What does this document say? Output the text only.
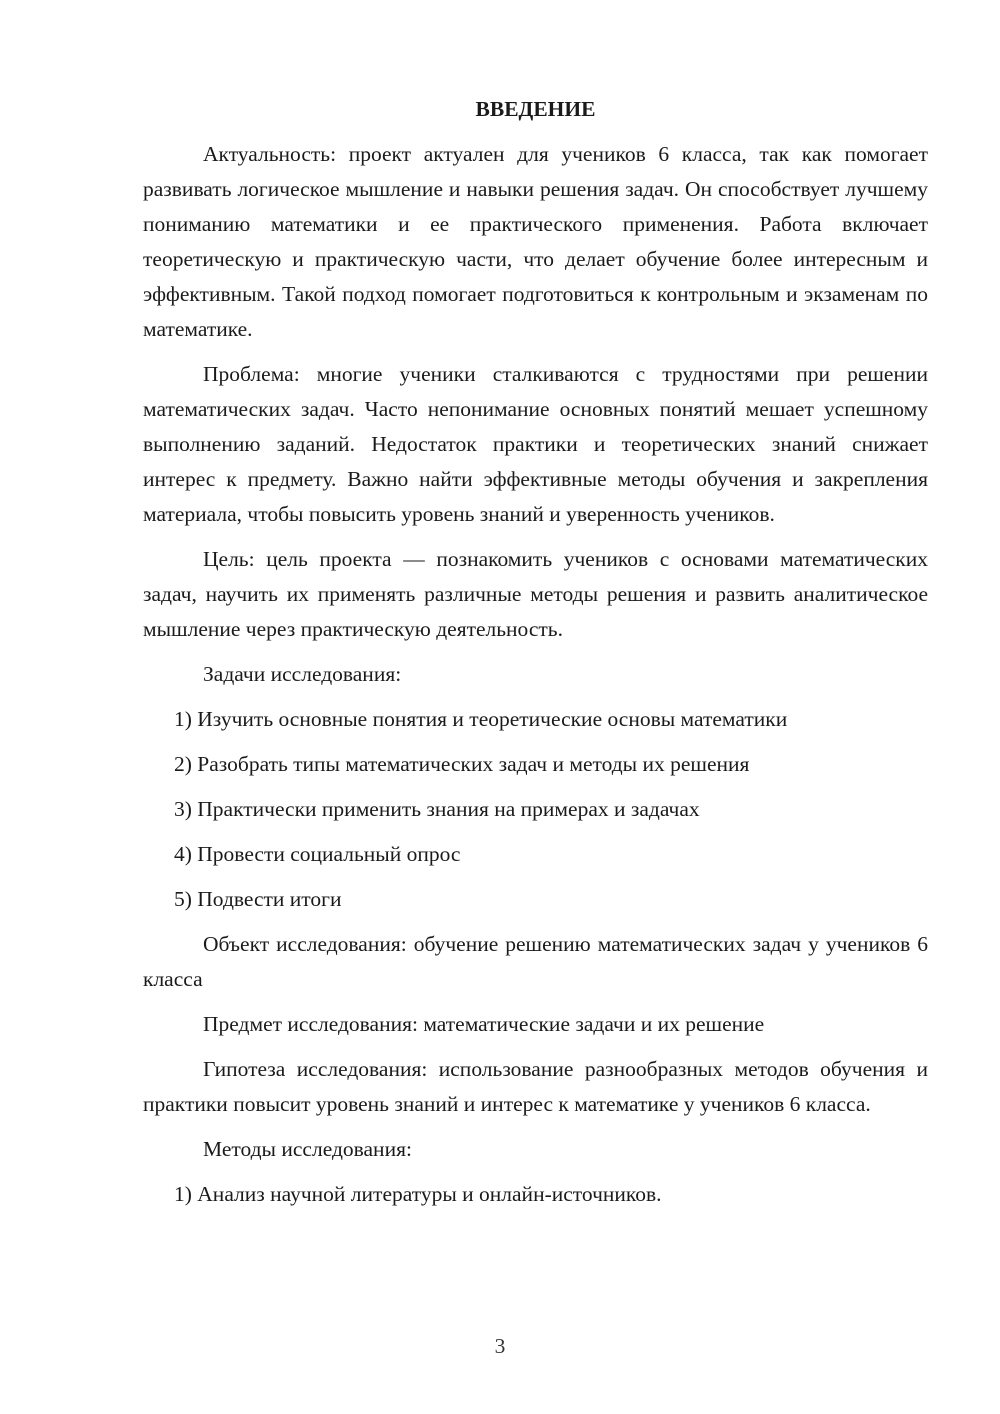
ВВЕДЕНИЕ

Актуальность: проект актуален для учеников 6 класса, так как помогает развивать логическое мышление и навыки решения задач. Он способствует лучшему пониманию математики и ее практического применения. Работа включает теоретическую и практическую части, что делает обучение более интересным и эффективным. Такой подход помогает подготовиться к контрольным и экзаменам по математике.

Проблема: многие ученики сталкиваются с трудностями при решении математических задач. Часто непонимание основных понятий мешает успешному выполнению заданий. Недостаток практики и теоретических знаний снижает интерес к предмету. Важно найти эффективные методы обучения и закрепления материала, чтобы повысить уровень знаний и уверенность учеников.

Цель: цель проекта — познакомить учеников с основами математических задач, научить их применять различные методы решения и развить аналитическое мышление через практическую деятельность.

Задачи исследования:

1) Изучить основные понятия и теоретические основы математики

2) Разобрать типы математических задач и методы их решения

3) Практически применить знания на примерах и задачах

4) Провести социальный опрос

5) Подвести итоги

Объект исследования: обучение решению математических задач у учеников 6 класса

Предмет исследования: математические задачи и их решение

Гипотеза исследования: использование разнообразных методов обучения и практики повысит уровень знаний и интерес к математике у учеников 6 класса.

Методы исследования:

1) Анализ научной литературы и онлайн-источников.

3
